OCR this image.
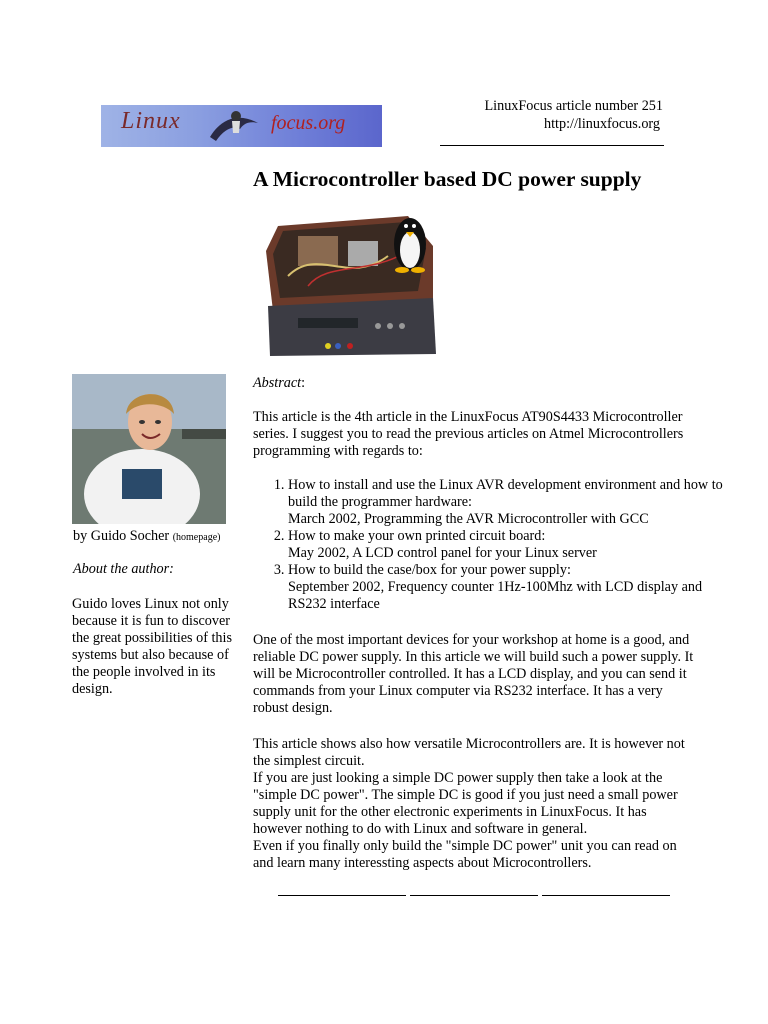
Linux	focus.org
LinuxFocus article number 251
http://linuxfocus.org
A Microcontroller based DC power supply
by Guido Socher (homepage)
About the author:
Guido loves Linux not only because it is fun to discover the great possibilities of this systems but also because of the people involved in its design.
Abstract:
This article is the 4th article in the LinuxFocus AT90S4433 Microcontroller series. I suggest you to read the previous articles on Atmel Microcontrollers programming with regards to:
1. How to install and use the Linux AVR development environment and how to build the programmer hardware:
March 2002, Programming the AVR Microcontroller with GCC
2. How to make your own printed circuit board:
May 2002, A LCD control panel for your Linux server
3. How to build the case/box for your power supply:
September 2002, Frequency counter 1Hz-100Mhz with LCD display and RS232 interface
One of the most important devices for your workshop at home is a good, and reliable DC power supply. In this article we will build such a power supply. It will be Microcontroller controlled. It has a LCD display, and you can send it commands from your Linux computer via RS232 interface. It has a very robust design.
This article shows also how versatile Microcontrollers are. It is however not the simplest circuit.
If you are just looking a simple DC power supply then take a look at the "simple DC power". The simple DC is good if you just need a small power supply unit for the other electronic experiments in LinuxFocus. It has however nothing to do with Linux and software in general.
Even if you finally only build the "simple DC power" unit you can read on and learn many interessting aspects about Microcontrollers.
